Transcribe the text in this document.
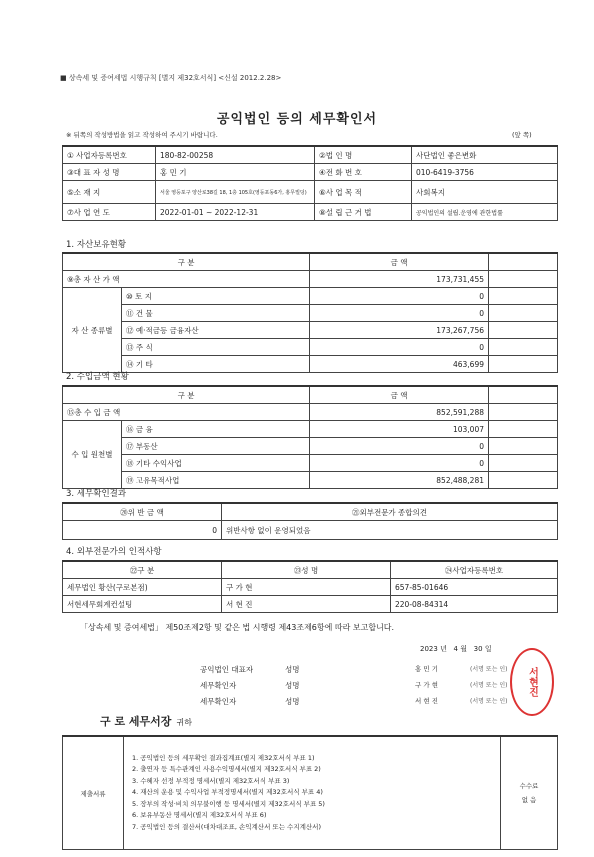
■ 상속세 및 증여세법 시행규칙 [별지 제32호서식] <신설 2012.2.28>
공익법인 등의 세무확인서
※ 뒤쪽의 작성방법을 읽고 작성하여 주시기 바랍니다.	(앞 쪽)
① 사업자등록번호	180-82-00258	②법 인 명	사단법인 좋은변화
③대 표 자 성 명	홍 민 기	④전 화 번 호	010-6419-3756
⑤소 재 지	서울 영등포구 양산로38길 18, 1층 105호(영등포동6가, 홍무빌딩)	⑥사 업 목 적	사회복지
⑦사 업 연 도	2022-01-01 ~ 2022-12-31	⑧설 립 근 거 법	공익법인의 설립.운영에 관한법률
1. 자산보유현황
구 분		금 액	
⑨총 자 산 가 액		173,731,455	
자 산 종류별	⑩ 토 지	0	
	⑪ 건 물	0	
	⑫ 예·적금등 금융자산	173,267,756	
	⑬ 주 식	0	
	⑭ 기 타	463,699	
2. 수입금액 현황
구 분		금 액	
⑮총 수 입 금 액		852,591,288	
수 입 원천별	⑯ 금 융	103,007	
	⑰ 부동산	0	
	⑱ 기타 수익사업	0	
	⑲ 고유목적사업	852,488,281	
3. 세무확인결과
⑳위 반 금 액	㉑외부전문가 종합의견
0	위반사항 없이 운영되었음
4. 외부전문가의 인적사항
㉒구 분	㉓성 명	㉔사업자등록번호
세무법인 황산(구로본점)	구 가 현	657-85-01646
서현세무회계컨설팅	서 현 진	220-08-84314
「상속세 및 증여세법」 제50조제2항 및 같은 법 시행령 제43조제6항에 따라 보고합니다.
2023 년 4 월 30 일
공익법인 대표자	성명	홍 민 기	(서명 또는 인)
세무확인자	성명	구 가 현	(서명 또는 인)
세무확인자	성명	서 현 진	(서명 또는 인)
서현진
구 로 세무서장 귀하
제출서류	
1. 공익법인 등의 세무확인 결과집계표(별지 제32호서식 부표 1)
2. 출연자 등 특수관계인 사용수익명세서(별지 제32호서식 부표 2)
3. 수혜자 선정 부적정 명세서(별지 제32호서식 부표 3)
4. 재산의 운용 및 수익사업 부적정명세서(별지 제32호서식 부표 4)
5. 장부의 작성·비치 의무불이행 등 명세서(별지 제32호서식 부표 5)
6. 보유부동산 명세서(별지 제32호서식 부표 6)
7. 공익법인 등의 결산서(대차대조표, 손익계산서 또는 수지계산서)

수수료
없 음
